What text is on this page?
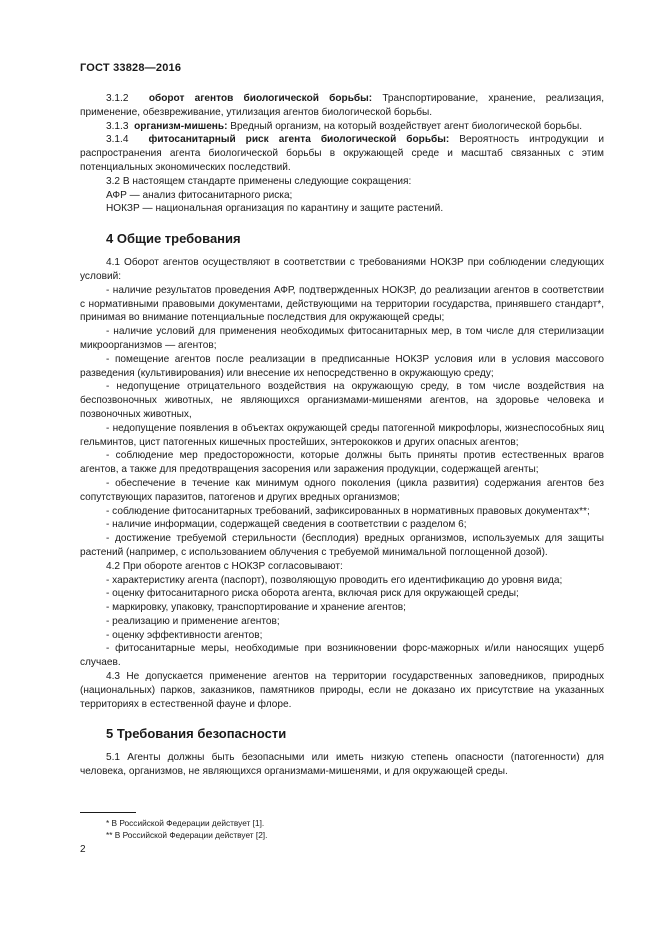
ГОСТ 33828—2016

3.1.2 оборот агентов биологической борьбы: Транспортирование, хранение, реализация, применение, обезвреживание, утилизация агентов биологической борьбы.

3.1.3 организм-мишень: Вредный организм, на который воздействует агент биологической борьбы.

3.1.4 фитосанитарный риск агента биологической борьбы: Вероятность интродукции и распространения агента биологической борьбы в окружающей среде и масштаб связанных с этим потенциальных экономических последствий.

3.2 В настоящем стандарте применены следующие сокращения:

АФР — анализ фитосанитарного риска;

НОКЗР — национальная организация по карантину и защите растений.

4 Общие требования

4.1 Оборот агентов осуществляют в соответствии с требованиями НОКЗР при соблюдении следующих условий:

- наличие результатов проведения АФР, подтвержденных НОКЗР, до реализации агентов в соответствии с нормативными правовыми документами, действующими на территории государства, принявшего стандарт*, принимая во внимание потенциальные последствия для окружающей среды;

- наличие условий для применения необходимых фитосанитарных мер, в том числе для стерилизации микроорганизмов — агентов;

- помещение агентов после реализации в предписанные НОКЗР условия или в условия массового разведения (культивирования) или внесение их непосредственно в окружающую среду;

- недопущение отрицательного воздействия на окружающую среду, в том числе воздействия на беспозвоночных животных, не являющихся организмами-мишенями агентов, на здоровье человека и позвоночных животных,

- недопущение появления в объектах окружающей среды патогенной микрофлоры, жизнеспособных яиц гельминтов, цист патогенных кишечных простейших, энтерококков и других опасных агентов;

- соблюдение мер предосторожности, которые должны быть приняты против естественных врагов агентов, а также для предотвращения засорения или заражения продукции, содержащей агенты;

- обеспечение в течение как минимум одного поколения (цикла развития) содержания агентов без сопутствующих паразитов, патогенов и других вредных организмов;

- соблюдение фитосанитарных требований, зафиксированных в нормативных правовых документах**;

- наличие информации, содержащей сведения в соответствии с разделом 6;

- достижение требуемой стерильности (бесплодия) вредных организмов, используемых для защиты растений (например, с использованием облучения с требуемой минимальной поглощенной дозой).

4.2 При обороте агентов с НОКЗР согласовывают:

- характеристику агента (паспорт), позволяющую проводить его идентификацию до уровня вида;

- оценку фитосанитарного риска оборота агента, включая риск для окружающей среды;

- маркировку, упаковку, транспортирование и хранение агентов;

- реализацию и применение агентов;

- оценку эффективности агентов;

- фитосанитарные меры, необходимые при возникновении форс-мажорных и/или наносящих ущерб случаев.

4.3 Не допускается применение агентов на территории государственных заповедников, природных (национальных) парков, заказников, памятников природы, если не доказано их присутствие на указанных территориях в естественной фауне и флоре.

5 Требования безопасности

5.1 Агенты должны быть безопасными или иметь низкую степень опасности (патогенности) для человека, организмов, не являющихся организмами-мишенями, и для окружающей среды.

* В Российской Федерации действует [1].

** В Российской Федерации действует [2].

2
